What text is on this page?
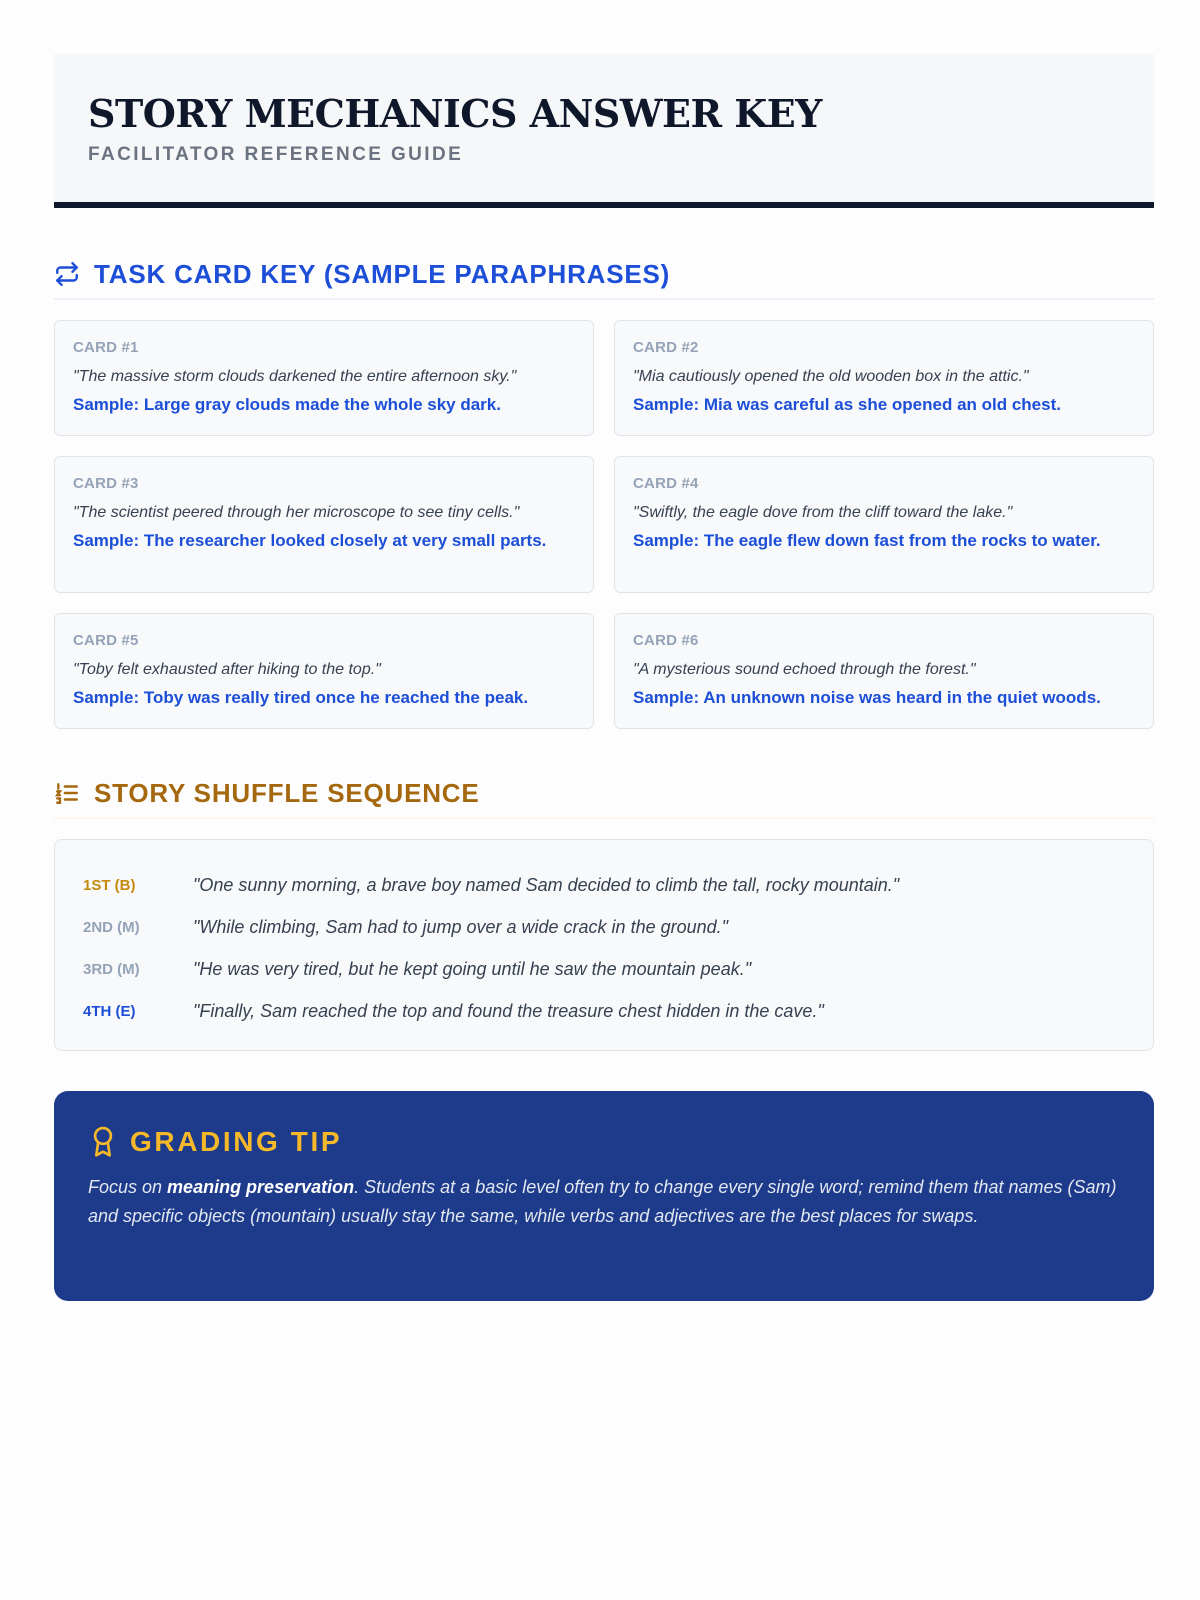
STORY MECHANICS ANSWER KEY
FACILITATOR REFERENCE GUIDE
TASK CARD KEY (SAMPLE PARAPHRASES)
CARD #1
"The massive storm clouds darkened the entire afternoon sky."
Sample: Large gray clouds made the whole sky dark.
CARD #2
"Mia cautiously opened the old wooden box in the attic."
Sample: Mia was careful as she opened an old chest.
CARD #3
"The scientist peered through her microscope to see tiny cells."
Sample: The researcher looked closely at very small parts.
CARD #4
"Swiftly, the eagle dove from the cliff toward the lake."
Sample: The eagle flew down fast from the rocks to water.
CARD #5
"Toby felt exhausted after hiking to the top."
Sample: Toby was really tired once he reached the peak.
CARD #6
"A mysterious sound echoed through the forest."
Sample: An unknown noise was heard in the quiet woods.
STORY SHUFFLE SEQUENCE
1ST (B)	"One sunny morning, a brave boy named Sam decided to climb the tall, rocky mountain."
2ND (M)	"While climbing, Sam had to jump over a wide crack in the ground."
3RD (M)	"He was very tired, but he kept going until he saw the mountain peak."
4TH (E)	"Finally, Sam reached the top and found the treasure chest hidden in the cave."
GRADING TIP
Focus on meaning preservation. Students at a basic level often try to change every single word; remind them that names (Sam) and specific objects (mountain) usually stay the same, while verbs and adjectives are the best places for swaps.
